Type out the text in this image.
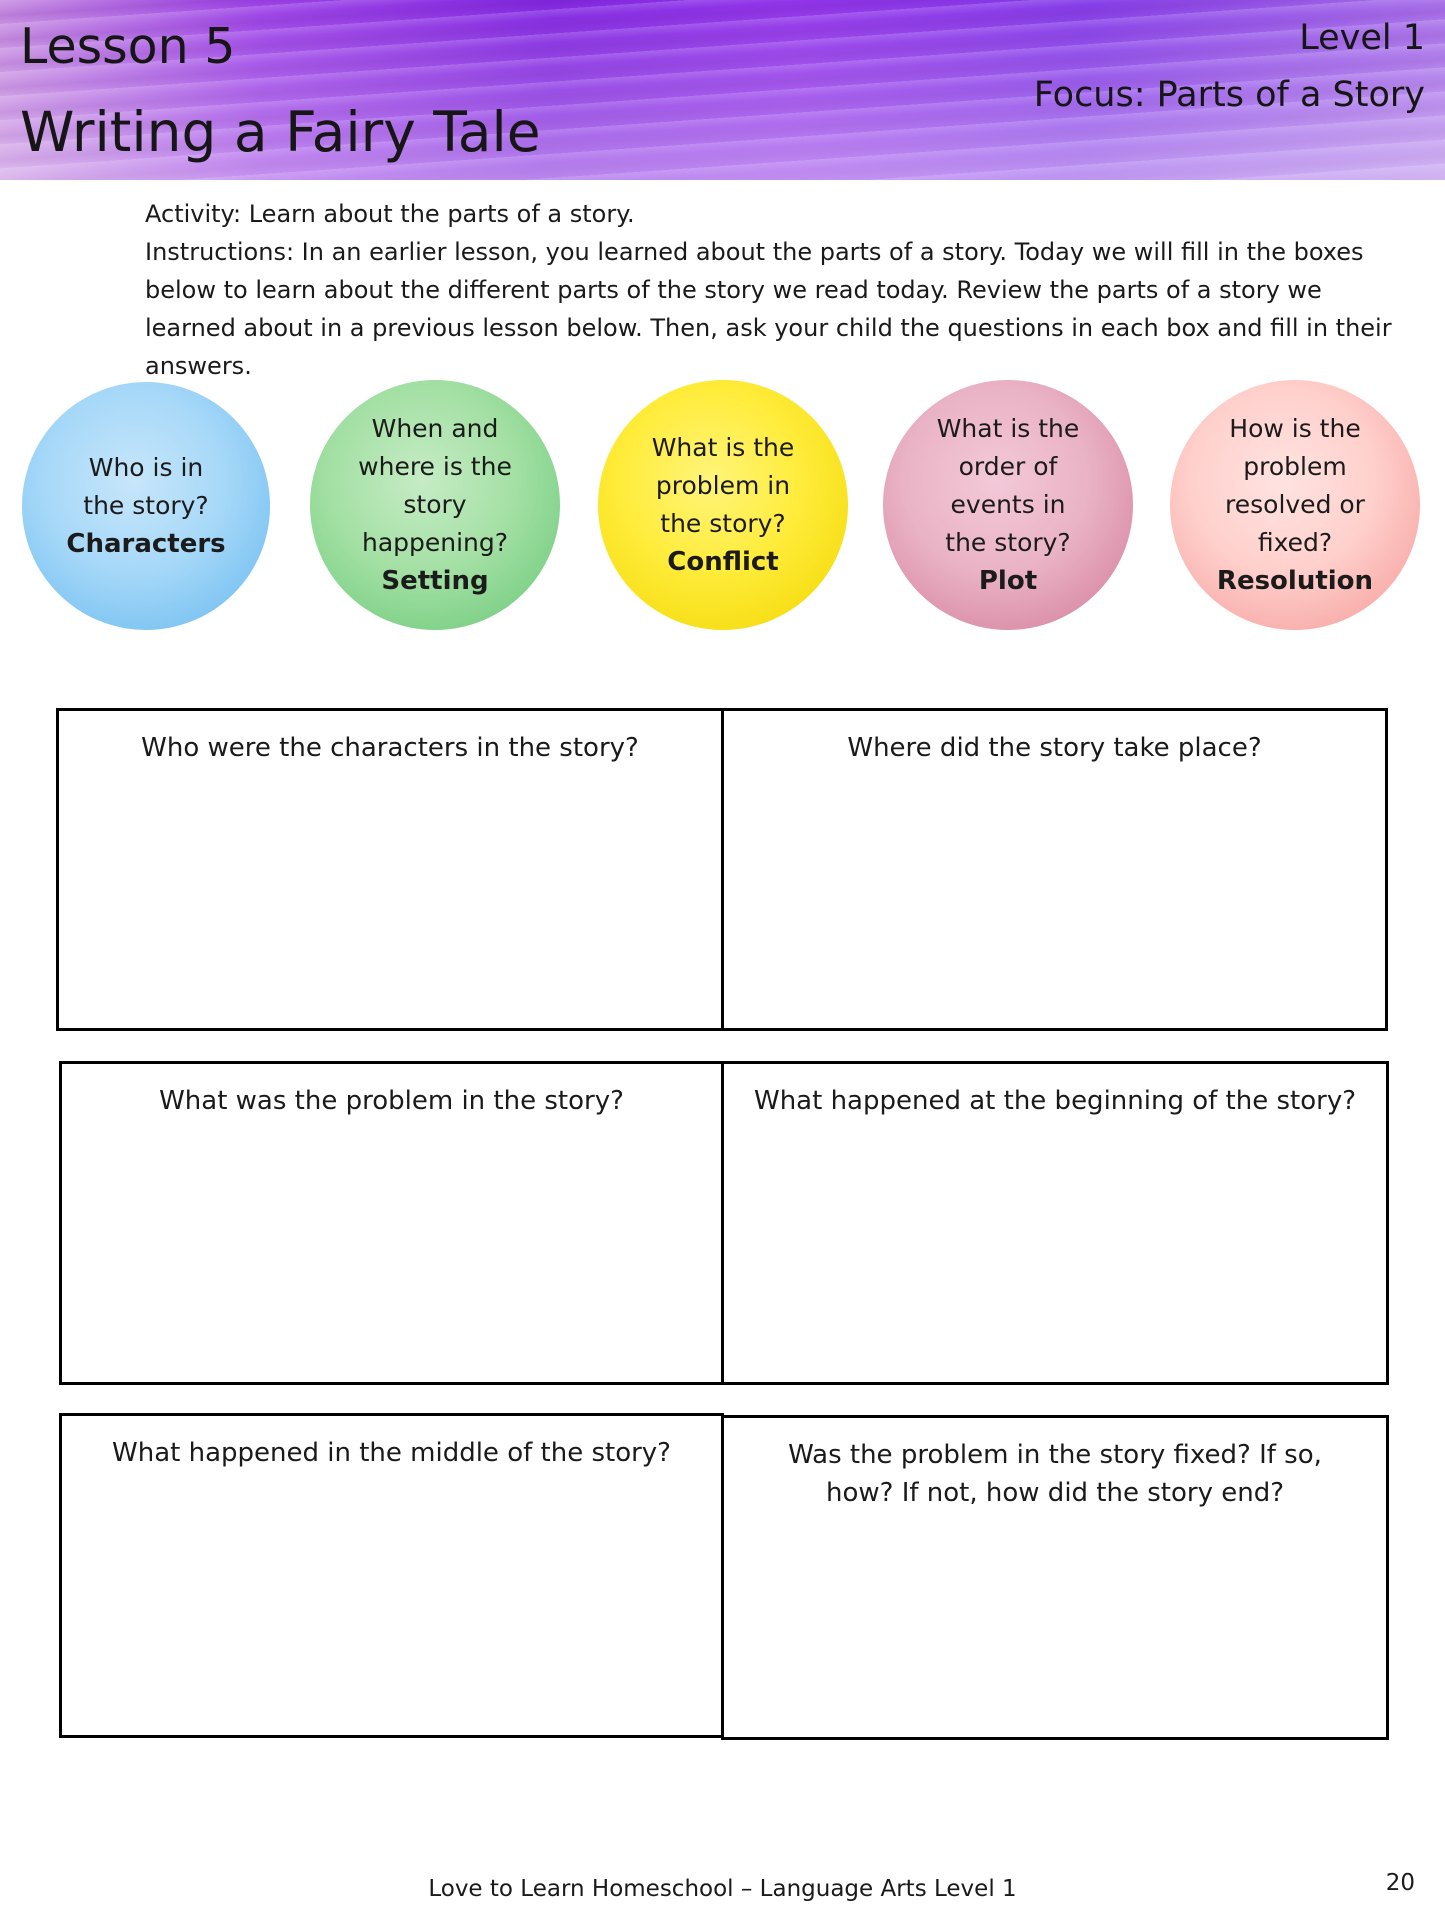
Lesson 5
Writing a Fairy Tale
Level 1
Focus: Parts of a Story

Activity: Learn about the parts of a story.

Instructions: In an earlier lesson, you learned about the parts of a story. Today we will fill in the boxes below to learn about the different parts of the story we read today. Review the parts of a story we learned about in a previous lesson below. Then, ask your child the questions in each box and fill in their answers.

Who is in the story?
Characters
When and where is the story happening?
Setting
What is the problem in the story?
Conflict
What is the order of events in the story?
Plot
How is the problem resolved or fixed?
Resolution
Who were the characters in the story?	Where did the story take place?
What was the problem in the story?	What happened at the beginning of the story?
What happened in the middle of the story?	Was the problem in the story fixed? If so, how? If not, how did the story end?
Love to Learn Homeschool – Language Arts Level 1	20
